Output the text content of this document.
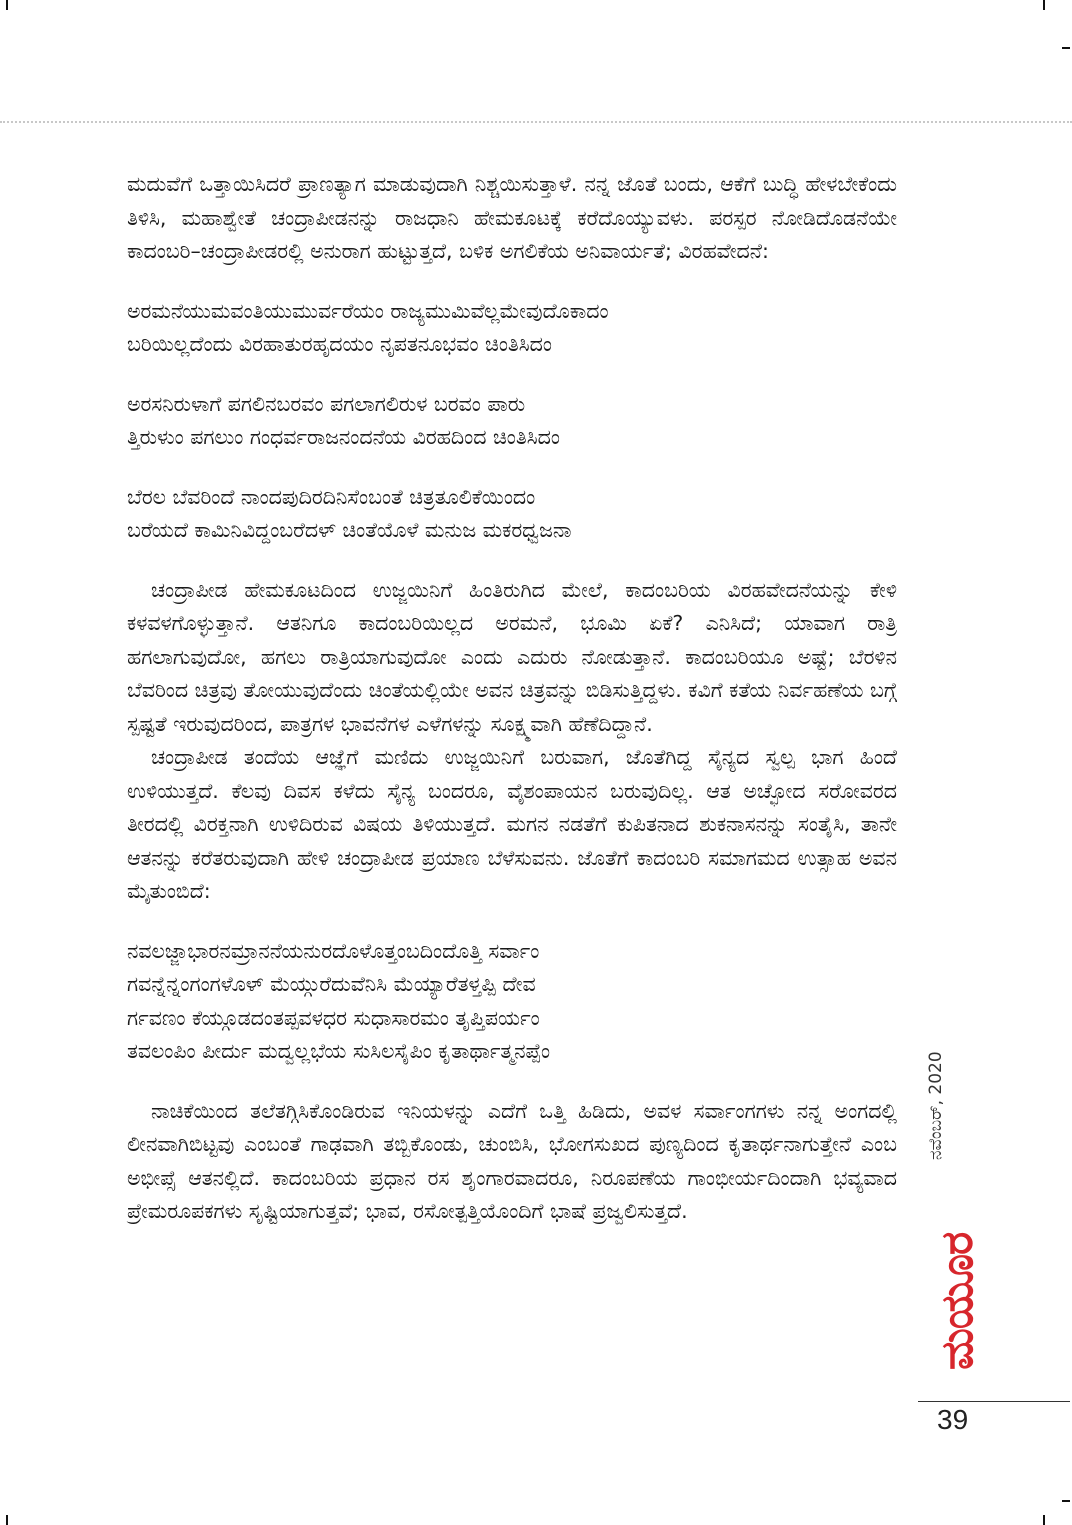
ಮದುವೆಗೆ ಒತ್ತಾಯಿಸಿದರೆ ಪ್ರಾಣತ್ಯಾಗ ಮಾಡುವುದಾಗಿ ನಿಶ್ಚಯಿಸುತ್ತಾಳೆ. ನನ್ನ ಜೊತೆ ಬಂದು, ಆಕೆಗೆ ಬುದ್ಧಿ ಹೇಳಬೇಕೆಂದು ತಿಳಿಸಿ, ಮಹಾಶ್ವೇತೆ ಚಂದ್ರಾಪೀಡನನ್ನು ರಾಜಧಾನಿ ಹೇಮಕೂಟಕ್ಕೆ ಕರೆದೊಯ್ಯುವಳು. ಪರಸ್ಪರ ನೋಡಿದೊಡನೆಯೇ ಕಾದಂಬರಿ–ಚಂದ್ರಾಪೀಡರಲ್ಲಿ ಅನುರಾಗ ಹುಟ್ಟುತ್ತದೆ, ಬಳಿಕ ಅಗಲಿಕೆಯ ಅನಿವಾರ್ಯತೆ; ವಿರಹವೇದನೆ:

ಅರಮನೆಯುಮವಂತಿಯುಮುರ್ವರೆಯಂ ರಾಜ್ಯಮುಮಿವೆಲ್ಲಮೇವುದೊಕಾದಂ
ಬರಿಯಿಲ್ಲದೆಂದು ವಿರಹಾತುರಹೃದಯಂ ನೃಪತನೂಭವಂ ಚಿಂತಿಸಿದಂ
ಅರಸನಿರುಳಾಗೆ ಪಗಲಿನಬರವಂ ಪಗಲಾಗಲಿರುಳ ಬರವಂ ಪಾರು
ತ್ತಿರುಳುಂ ಪಗಲುಂ ಗಂಧರ್ವರಾಜನಂದನೆಯ ವಿರಹದಿಂದ ಚಿಂತಿಸಿದಂ
ಬೆರಲ ಬೆವರಿಂದೆ ನಾಂದಪುದಿರದಿನಿಸೆಂಬಂತೆ ಚಿತ್ರತೂಲಿಕೆಯಿಂದಂ
ಬರೆಯದೆ ಕಾಮಿನಿವಿದ್ದಂಬರೆದಳ್ ಚಿಂತೆಯೊಳೆ ಮನುಜ ಮಕರಧ್ವಜನಾ

ಚಂದ್ರಾಪೀಡ ಹೇಮಕೂಟದಿಂದ ಉಜ್ಜಯಿನಿಗೆ ಹಿಂತಿರುಗಿದ ಮೇಲೆ, ಕಾದಂಬರಿಯ ವಿರಹವೇದನೆಯನ್ನು ಕೇಳಿ ಕಳವಳಗೊಳ್ಳುತ್ತಾನೆ. ಆತನಿಗೂ ಕಾದಂಬರಿಯಿಲ್ಲದ ಅರಮನೆ, ಭೂಮಿ ಏಕೆ? ಎನಿಸಿದೆ; ಯಾವಾಗ ರಾತ್ರಿ ಹಗಲಾಗುವುದೋ, ಹಗಲು ರಾತ್ರಿಯಾಗುವುದೋ ಎಂದು ಎದುರು ನೋಡುತ್ತಾನೆ. ಕಾದಂಬರಿಯೂ ಅಷ್ಟೆ; ಬೆರಳಿನ ಬೆವರಿಂದ ಚಿತ್ರವು ತೋಯುವುದೆಂದು ಚಿಂತೆಯಲ್ಲಿಯೇ ಅವನ ಚಿತ್ರವನ್ನು ಬಿಡಿಸುತ್ತಿದ್ದಳು. ಕವಿಗೆ ಕತೆಯ ನಿರ್ವಹಣೆಯ ಬಗ್ಗೆ ಸ್ಪಷ್ಟತೆ ಇರುವುದರಿಂದ, ಪಾತ್ರಗಳ ಭಾವನೆಗಳ ಎಳೆಗಳನ್ನು ಸೂಕ್ಷ್ಮವಾಗಿ ಹೆಣೆದಿದ್ದಾನೆ.

ಚಂದ್ರಾಪೀಡ ತಂದೆಯ ಆಜ್ಞೆಗೆ ಮಣಿದು ಉಜ್ಜಯಿನಿಗೆ ಬರುವಾಗ, ಜೊತೆಗಿದ್ದ ಸೈನ್ಯದ ಸ್ವಲ್ಪ ಭಾಗ ಹಿಂದೆ ಉಳಿಯುತ್ತದೆ. ಕೆಲವು ದಿವಸ ಕಳೆದು ಸೈನ್ಯ ಬಂದರೂ, ವೈಶಂಪಾಯನ ಬರುವುದಿಲ್ಲ. ಆತ ಅಚ್ಛೋದ ಸರೋವರದ ತೀರದಲ್ಲಿ ವಿರಕ್ತನಾಗಿ ಉಳಿದಿರುವ ವಿಷಯ ತಿಳಿಯುತ್ತದೆ. ಮಗನ ನಡತೆಗೆ ಕುಪಿತನಾದ ಶುಕನಾಸನನ್ನು ಸಂತೈಸಿ, ತಾನೇ ಆತನನ್ನು ಕರೆತರುವುದಾಗಿ ಹೇಳಿ ಚಂದ್ರಾಪೀಡ ಪ್ರಯಾಣ ಬೆಳೆಸುವನು. ಜೊತೆಗೆ ಕಾದಂಬರಿ ಸಮಾಗಮದ ಉತ್ಸಾಹ ಅವನ ಮೈತುಂಬಿದೆ:

ನವಲಜ್ಜಾಭಾರನಮ್ರಾನನೆಯನುರದೊಳೊತ್ತಂಬದಿಂದೊತ್ತಿ ಸರ್ವಾಂ
ಗವನ್ನೆನ್ನಂಗಂಗಳೊಳ್ ಮೆಯ್ಗುರೆದುವೆನಿಸಿ ಮೆಯ್ಯಾರೆತಳ್ತಪ್ಪಿ ದೇವ
ರ್ಗವಣಂ ಕೆಯ್ಗೂಡದಂತಪ್ಪವಳಧರ ಸುಧಾಸಾರಮಂ ತೃಪ್ತಿಪರ್ಯಂ
ತವಲಂಪಿಂ ಪೀರ್ದು ಮದ್ವಲ್ಲಭೆಯ ಸುಸಿಲಸೈಪಿಂ ಕೃತಾರ್ಥಾತ್ಮನಪ್ಪೆಂ

ನಾಚಿಕೆಯಿಂದ ತಲೆತಗ್ಗಿಸಿಕೊಂಡಿರುವ ಇನಿಯಳನ್ನು ಎದೆಗೆ ಒತ್ತಿ ಹಿಡಿದು, ಅವಳ ಸರ್ವಾಂಗಗಳು ನನ್ನ ಅಂಗದಲ್ಲಿ ಲೀನವಾಗಿಬಿಟ್ಟವು ಎಂಬಂತೆ ಗಾಢವಾಗಿ ತಬ್ಬಿಕೊಂಡು, ಚುಂಬಿಸಿ, ಭೋಗಸುಖದ ಪುಣ್ಯದಿಂದ ಕೃತಾರ್ಥನಾಗುತ್ತೇನೆ ಎಂಬ ಅಭೀಪ್ಸೆ ಆತನಲ್ಲಿದೆ. ಕಾದಂಬರಿಯ ಪ್ರಧಾನ ರಸ ಶೃಂಗಾರವಾದರೂ, ನಿರೂಪಣೆಯ ಗಾಂಭೀರ್ಯದಿಂದಾಗಿ ಭವ್ಯವಾದ ಪ್ರೇಮರೂಪಕಗಳು ಸೃಷ್ಟಿಯಾಗುತ್ತವೆ; ಭಾವ, ರಸೋತ್ಪತ್ತಿಯೊಂದಿಗೆ ಭಾಷೆ ಪ್ರಜ್ವಲಿಸುತ್ತದೆ.

ನವೆಂಬರ್, 2020
ಮಯೂರ
39
